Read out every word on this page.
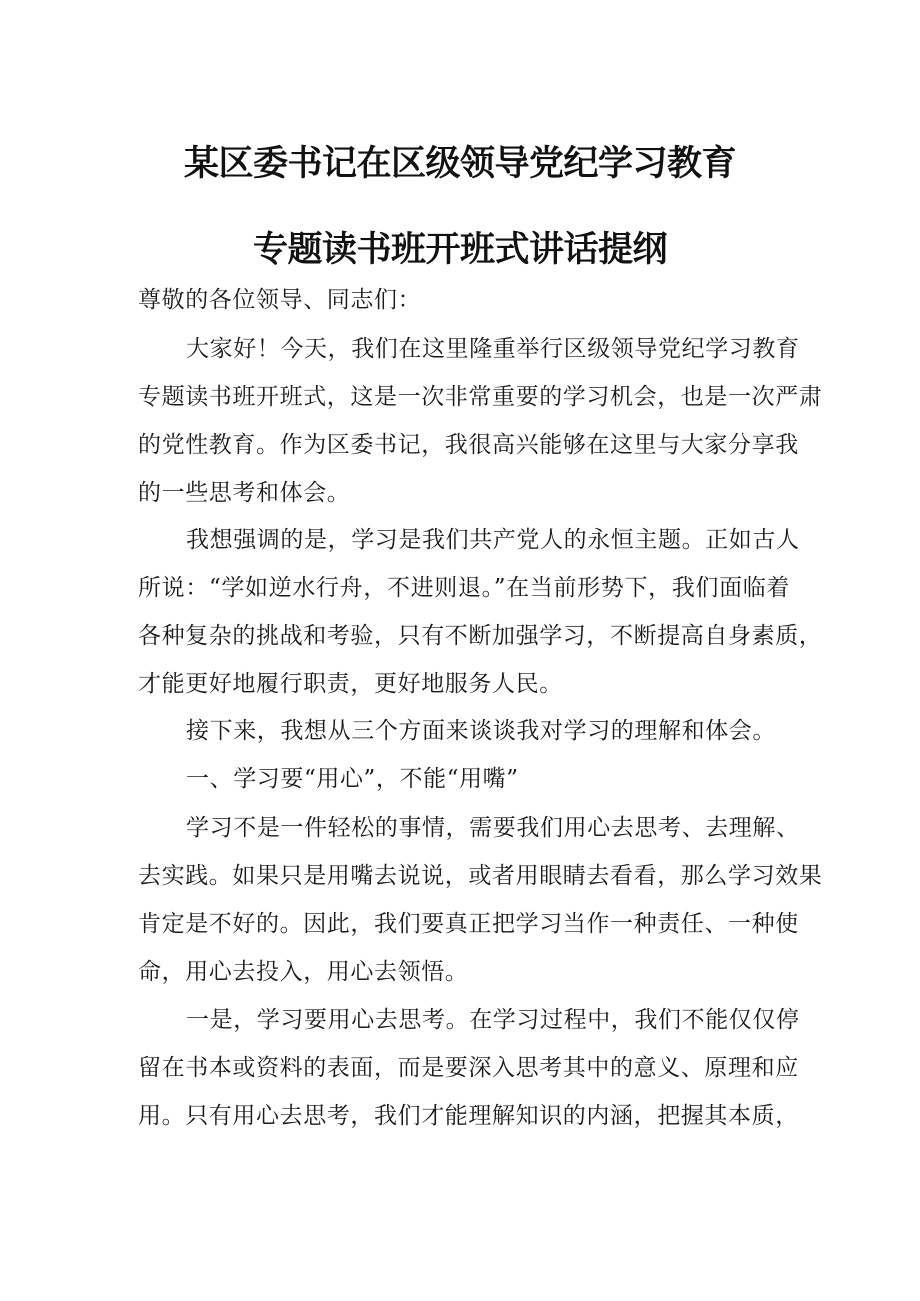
某区委书记在区级领导党纪学习教育
专题读书班开班式讲话提纲
尊敬的各位领导、同志们：
大家好！今天，我们在这里隆重举行区级领导党纪学习教育
专题读书班开班式，这是一次非常重要的学习机会，也是一次严肃
的党性教育。作为区委书记，我很高兴能够在这里与大家分享我
的一些思考和体会。
我想强调的是，学习是我们共产党人的永恒主题。正如古人
所说：“学如逆水行舟，不进则退。”在当前形势下，我们面临着
各种复杂的挑战和考验，只有不断加强学习，不断提高自身素质，
才能更好地履行职责，更好地服务人民。
接下来，我想从三个方面来谈谈我对学习的理解和体会。
一、学习要“用心”，不能“用嘴”
学习不是一件轻松的事情，需要我们用心去思考、去理解、
去实践。如果只是用嘴去说说，或者用眼睛去看看，那么学习效果
肯定是不好的。因此，我们要真正把学习当作一种责任、一种使
命，用心去投入，用心去领悟。
一是，学习要用心去思考。在学习过程中，我们不能仅仅停
留在书本或资料的表面，而是要深入思考其中的意义、原理和应
用。只有用心去思考，我们才能理解知识的内涵，把握其本质，
